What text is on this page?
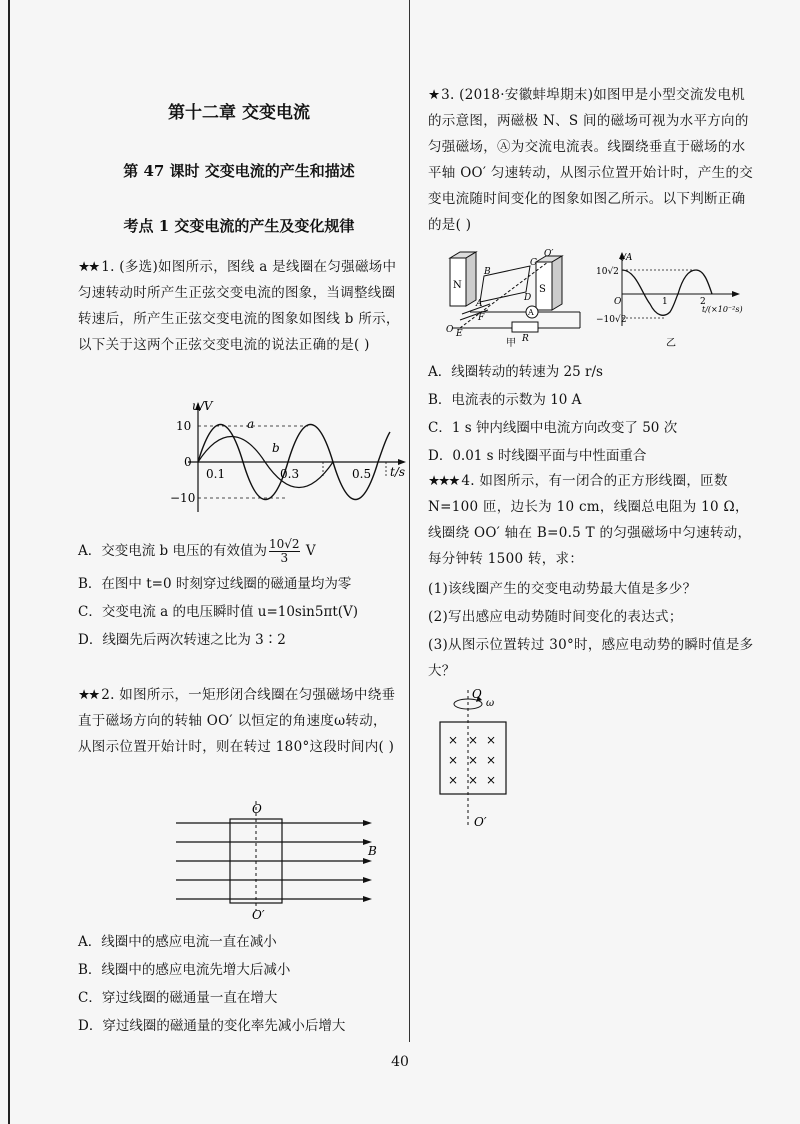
第十二章 交变电流
第 47 课时 交变电流的产生和描述
考点 1 交变电流的产生及变化规律
★★ 1. (多选)如图所示，图线 a 是线圈在匀强磁场中匀速转动时所产生正弦交变电流的图象，当调整线圈转速后，所产生正弦交变电流的图象如图线 b 所示，以下关于这两个正弦交变电流的说法正确的是( )
u/V
t/s
10
0
−10
0.1	0.3	0.5
a
b
A．交变电流 b 电压的有效值为 $\frac{10√2}{3}$ V
B．在图中 t=0 时刻穿过线圈的磁通量均为零
C．交变电流 a 的电压瞬时值 u=10sin5πt(V)
D．线圈先后两次转速之比为 3∶2
★★ 2. 如图所示，一矩形闭合线圈在匀强磁场中绕垂直于磁场方向的转轴 OO′ 以恒定的角速度ω转动，从图示位置开始计时，则在转过 180°这段时间内( )
O
O′
B
A．线圈中的感应电流一直在减小
B．线圈中的感应电流先增大后减小
C．穿过线圈的磁通量一直在增大
D．穿过线圈的磁通量的变化率先减小后增大
★ 3. (2018·安徽蚌埠期末)如图甲是小型交流发电机的示意图，两磁极 N、S 间的磁场可视为水平方向的匀强磁场，Ⓐ为交流电流表。线圈绕垂直于磁场的水平轴 OO′ 匀速转动，从图示位置开始计时，产生的交变电流随时间变化的图象如图乙所示。以下判断正确的是( )
N	S
A
B
C
D
A
O′
O E
F
R
甲
i/A
10√2
−10√2
O	1	2
t/(×10⁻²s)
乙
A．线圈转动的转速为 25 r/s
B．电流表的示数为 10 A
C．1 s 钟内线圈中电流方向改变了 50 次
D．0.01 s 时线圈平面与中性面重合
★★★ 4. 如图所示，有一闭合的正方形线圈，匝数 N=100 匝，边长为 10 cm，线圈总电阻为 10 Ω，线圈绕 OO′ 轴在 B=0.5 T 的匀强磁场中匀速转动，每分钟转 1500 转，求：
(1)该线圈产生的交变电动势最大值是多少？
(2)写出感应电动势随时间变化的表达式；
(3)从图示位置转过 30°时，感应电动势的瞬时值是多大？
O
ω
O′
× × ×
× × ×
× × ×
40
